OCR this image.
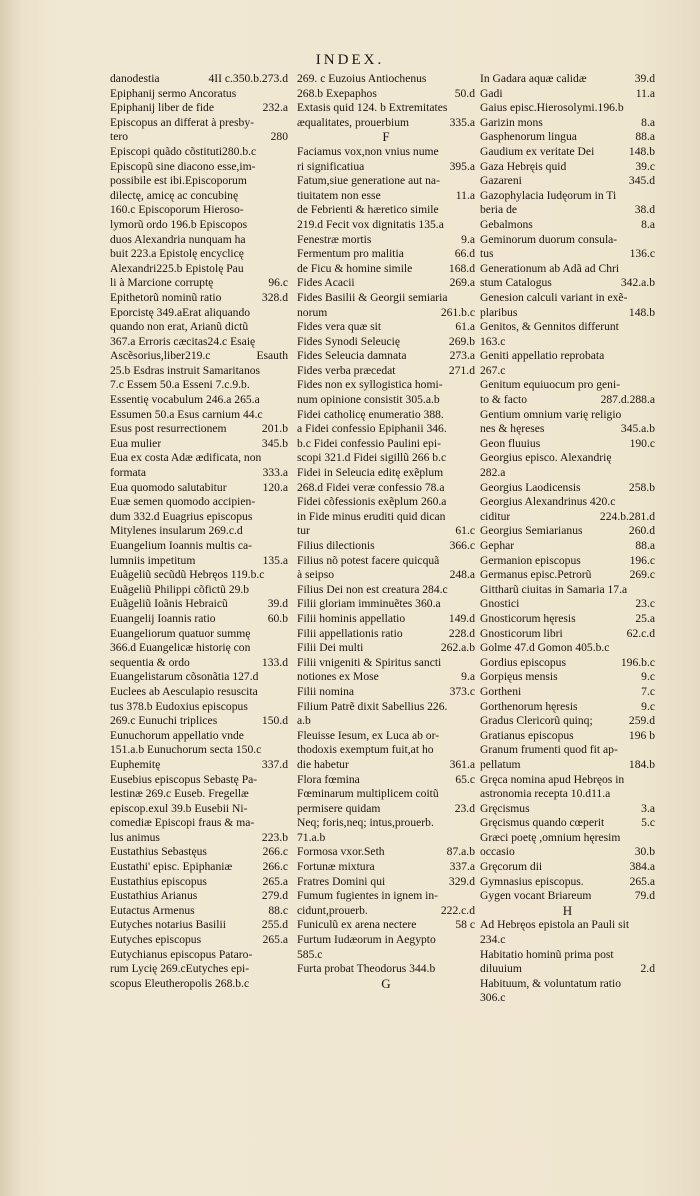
INDEX.
danodestia	4II c.350.b.273.d
Epiphanij sermo Ancoratus
Epiphanij liber de fide	232.a
Episcopus an differat à presby-
tero	280
Episcopi quãdo cõstituti280.b.c
Episcopũ sine diacono esse,im-
possibile est ibi.Episcoporum
dilectę, amicę ac concubinę
160.c Episcoporum Hieroso-
lymorũ ordo 196.b Episcopos
duos Alexandria nunquam ha
buit 223.a Epistolę encyclicę
Alexandri225.b Epistolę Pau
li à Marcione corruptę	96.c
Epithetorũ nominũ ratio	328.d
Eporcistę 349.aErat aliquando
quando non erat, Arianũ dictũ
367.a Erroris cæcitas24.c Esaię
Ascẽsorius,liber219.c	Esauth
25.b Esdras instruit Samaritanos
7.c Essem 50.a Esseni 7.c.9.b.
Essentię vocabulum 246.a 265.a
Essumen 50.a Esus carnium 44.c
Esus post resurrectionem	201.b
Eua mulier	345.b
Eua ex costa Adæ ædificata, non
formata	333.a
Eua quomodo salutabitur	120.a
Euæ semen quomodo accipien-
dum 332.d Euagrius episcopus
Mitylenes insularum 269.c.d
Euangelium Ioannis multis ca-
lumniis impetitum	135.a
Euãgeliũ secũdũ Hebręos 119.b.c
Euãgeliũ Philippi cõfictũ 29.b
Euãgeliũ Ioãnis Hebraicũ	39.d
Euangelij Ioannis ratio	60.b
Euangeliorum quatuor summę
366.d Euangelicæ historię con
sequentia & ordo	133.d
Euangelistarum cõsonãtia 127.d
Euclees ab Aesculapio resuscita
tus 378.b Eudoxius episcopus
269.c Eunuchi triplices	150.d
Eunuchorum appellatio vnde
151.a.b Eunuchorum secta 150.c
Euphemitę	337.d
Eusebius episcopus Sebastę Pa-
lestinæ 269.c Euseb. Fregellæ
episcop.exul 39.b Eusebii Ni-
comediæ Episcopi fraus & ma-
lus animus	223.b
Eustathius Sebastęus	266.c
Eustathi' episc. Epiphaniæ	266.c
Eustathius episcopus	265.a
Eustathius Arianus	279.d
Eutactus Armenus	88.c
Eutyches notarius Basilii	255.d
Eutyches episcopus	265.a
Eutychianus episcopus Pataro-
rum Lycię 269.cEutyches epi-
scopus Eleutheropolis 268.b.c
269. c Euzoius Antiochenus
268.b Exepaphos	50.d
Extasis quid 124. b Extremitates
æqualitates, prouerbium	335.a
F
Faciamus vox,non vnius nume
ri significatiua	395.a
Fatum,siue generatione aut na-
tiuitatem non esse	11.a
de Febrienti & hæretico simile
219.d Fecit vox dignitatis 135.a
Fenestræ mortis	9.a
Fermentum pro malitia	66.d
de Ficu & homine simile	168.d
Fides Acacii	269.a
Fides Basilii & Georgii semiaria
norum	261.b.c
Fides vera quæ sit	61.a
Fides Synodi Seleucię	269.b
Fides Seleucia damnata	273.a
Fides verba præcedat	271.d
Fides non ex syllogistica homi-
num opinione consistit 305.a.b
Fidei catholicę enumeratio 388.
a Fidei confessio Epiphanii 346.
b.c Fidei confessio Paulini epi-
scopi 321.d Fidei sigillũ 266 b.c
Fidei in Seleucia editę exẽplum
268.d Fidei veræ confessio 78.a
Fidei cõfessionis exẽplum 260.a
in Fide minus eruditi quid dican
tur	61.c
Filius dilectionis	366.c
Filius nõ potest facere quicquã
à seipso	248.a
Filius Dei non est creatura 284.c
Filii gloriam imminuẽtes 360.a
Filii hominis appellatio	149.d
Filii appellationis ratio	228.d
Filii Dei multi	262.a.b
Filii vnigeniti & Spiritus sancti
notiones ex Mose	9.a
Filii nomina	373.c
Filium Patrẽ dixit Sabellius 226.
a.b
Fleuisse Iesum, ex Luca ab or-
thodoxis exemptum fuit,at ho
die habetur	361.a
Flora fœmina	65.c
Fœminarum multiplicem coitũ
permisere quidam	23.d
Neq; foris,neq; intus,prouerb.
71.a.b
Formosa vxor.Seth	87.a.b
Fortunæ mixtura	337.a
Fratres Domini qui	329.d
Fumum fugientes in ignem in-
cidunt,prouerb.	222.c.d
Funiculũ ex arena nectere	58 c
Furtum Iudæorum in Aegypto
585.c
Furta probat Theodorus 344.b
G
In Gadara aquæ calidæ	39.d
Gadi	11.a
Gaius episc.Hierosolymi.196.b
Garizin mons	8.a
Gasphenorum lingua	88.a
Gaudium ex veritate Dei	148.b
Gaza Hebręis quid	39.c
Gazareni	345.d
Gazophylacia Iudęorum in Ti
beria de	38.d
Gebalmons	8.a
Geminorum duorum consula-
tus	136.c
Generationum ab Adã ad Chri
stum Catalogus	342.a.b
Genesion calculi variant in exẽ-
plaribus	148.b
Genitos, & Gennitos differunt
163.c
Geniti appellatio reprobata
267.c
Genitum equiuocum pro geni-
to & facto	287.d.288.a
Gentium omnium varię religio
nes & hęreses	345.a.b
Geon fluuius	190.c
Georgius episco. Alexandrię
282.a
Georgius Laodicensis	258.b
Georgius Alexandrinus 420.c
ciditur	224.b.281.d
Georgius Semiarianus	260.d
Gephar	88.a
Germanion episcopus	196.c
Germanus episc.Petrorũ	269.c
Gittharũ ciuitas in Samaria 17.a
Gnostici	23.c
Gnosticorum hęresis	25.a
Gnosticorum libri	62.c.d
Golme 47.d Gomon 405.b.c
Gordius episcopus	196.b.c
Gorpięus mensis	9.c
Gortheni	7.c
Gorthenorum hęresis	9.c
Gradus Clericorũ quinq;	259.d
Gratianus episcopus	196 b
Granum frumenti quod fit ap-
pellatum	184.b
Gręca nomina apud Hebręos in
astronomia recepta 10.d11.a
Gręcismus	3.a
Gręcismus quando cœperit	5.c
Græci poetę ,omnium hęresim
occasio	30.b
Gręcorum dii	384.a
Gymnasius episcopus.	265.a
Gygen vocant Briareum	79.d
H
Ad Hebręos epistola an Pauli sit
234.c
Habitatio hominũ prima post
diluuium	2.d
Habituum, & voluntatum ratio
306.c
